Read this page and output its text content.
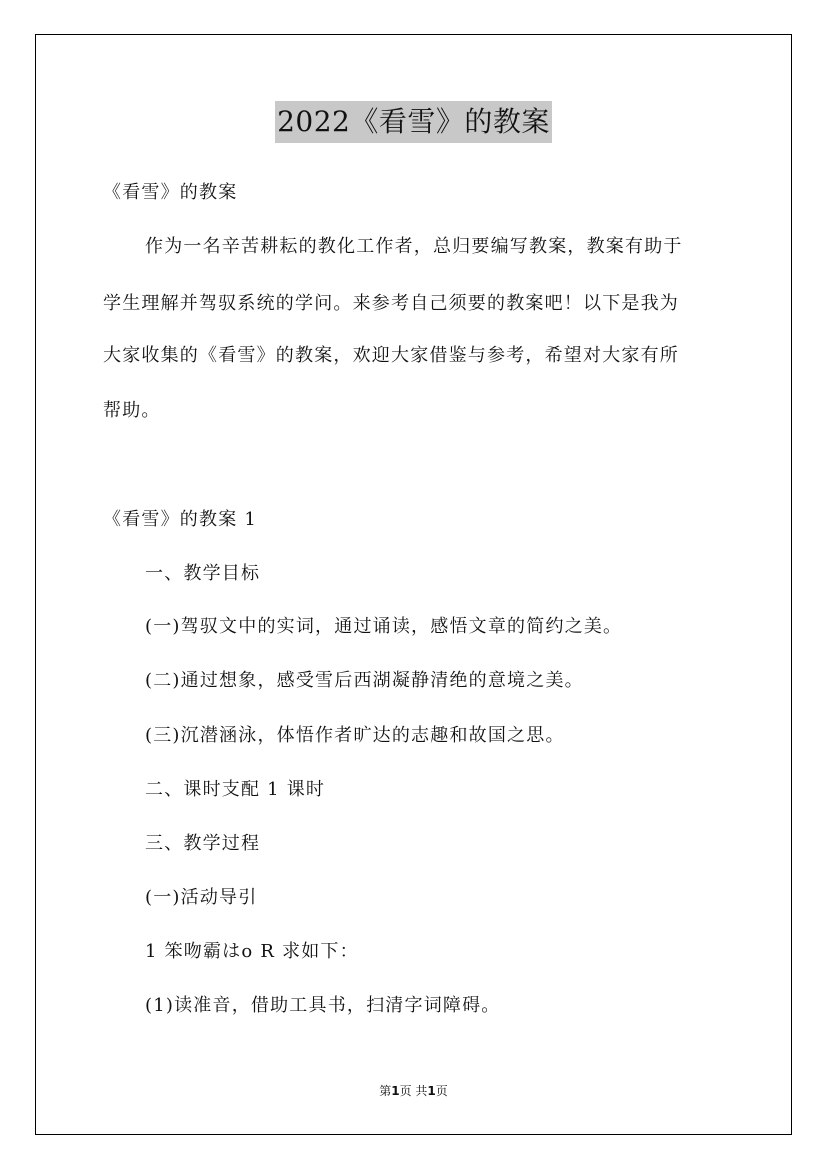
2022《看雪》的教案
《看雪》的教案
作为一名辛苦耕耘的教化工作者，总归要编写教案，教案有助于
学生理解并驾驭系统的学问。来参考自己须要的教案吧！以下是我为
大家收集的《看雪》的教案，欢迎大家借鉴与参考，希望对大家有所
帮助。
《看雪》的教案 1
一、教学目标
(一)驾驭文中的实词，通过诵读，感悟文章的简约之美。
(二)通过想象，感受雪后西湖凝静清绝的意境之美。
(三)沉潜涵泳，体悟作者旷达的志趣和故国之思。
二、课时支配 1 课时
三、教学过程
(一)活动导引
1 笨吻霸はо R 求如下：
(1)读准音，借助工具书，扫清字词障碍。
第1页 共1页
